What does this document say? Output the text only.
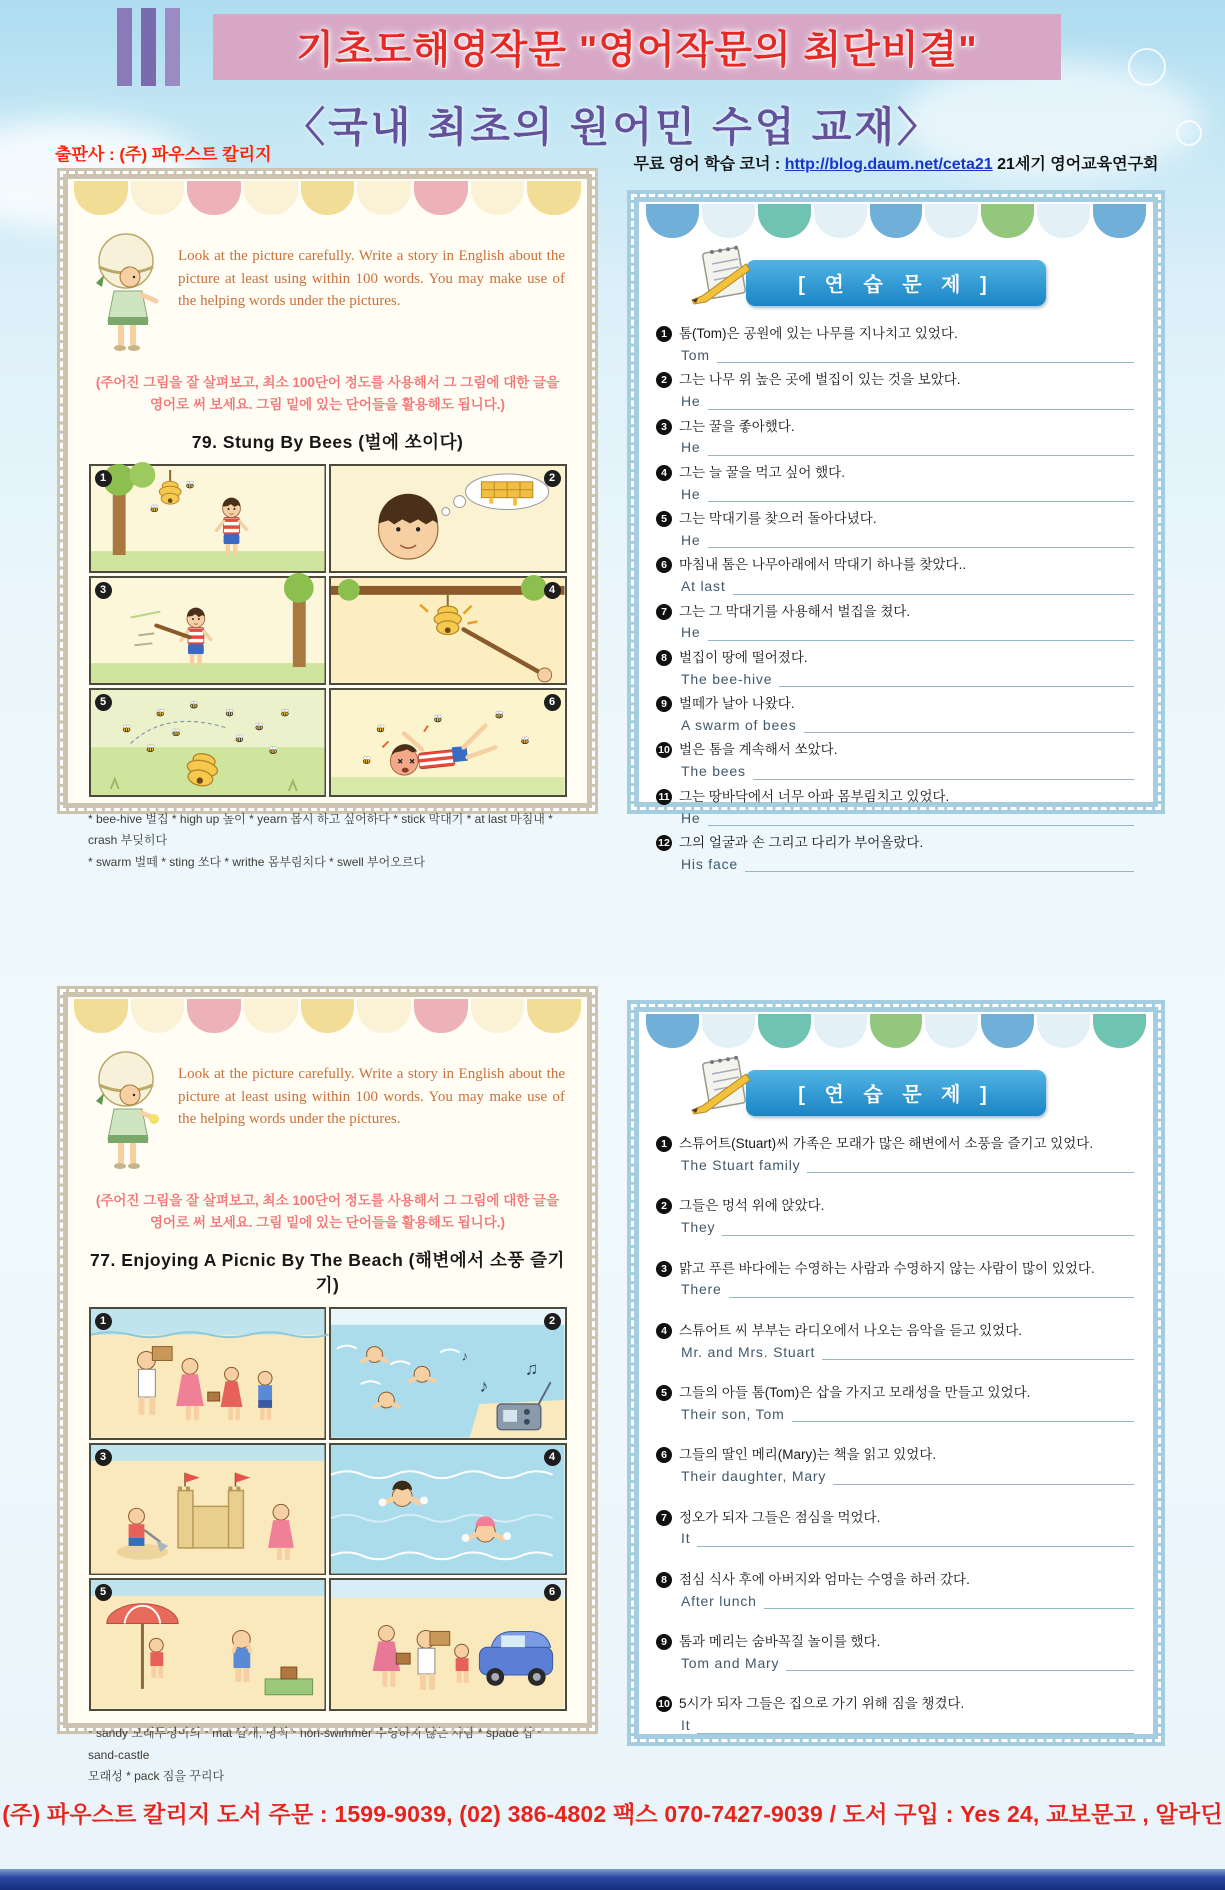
기초도해영작문 "영어작문의 최단비결"
〈국내 최초의 원어민 수업 교재〉
출판사 : (주) 파우스트 칼리지
무료 영어 학습 코너 : http://blog.daum.net/ceta21 21세기 영어교육연구회
Look at the picture carefully. Write a story in English about the picture at least using within 100 words. You may make use of the helping words under the pictures.
(주어진 그림을 잘 살펴보고, 최소 100단어 정도를 사용해서 그 그림에 대한 글을
영어로 써 보세요. 그림 밑에 있는 단어들을 활용해도 됩니다.)
79. Stung By Bees (벌에 쏘이다)
1	2
3	4
5	6
* bee-hive 벌집 * high up 높이 * yearn 몹시 하고 싶어하다 * stick 막대기 * at last 마침내 * crash 부딪히다
* swarm 벌떼 * sting 쏘다 * writhe 몸부림치다 * swell 부어오르다
[ 연 습 문 제 ]
1 톰(Tom)은 공원에 있는 나무를 지나치고 있었다.
Tom
2 그는 나무 위 높은 곳에 벌집이 있는 것을 보았다.
He
3 그는 꿀을 좋아했다.
He
4 그는 늘 꿀을 먹고 싶어 했다.
He
5 그는 막대기를 찾으러 돌아다녔다.
He
6 마침내 톰은 나무아래에서 막대기 하나를 찾았다..
At last
7 그는 그 막대기를 사용해서 벌집을 쳤다.
He
8 벌집이 땅에 떨어졌다.
The bee-hive
9 벌떼가 날아 나왔다.
A swarm of bees
10 벌은 톰을 계속해서 쏘았다.
The bees
11 그는 땅바닥에서 너무 아파 몸부림치고 있었다.
He
12 그의 얼굴과 손 그리고 다리가 부어올랐다.
His face
Look at the picture carefully. Write a story in English about the picture at least using within 100 words. You may make use of the helping words under the pictures.
(주어진 그림을 잘 살펴보고, 최소 100단어 정도를 사용해서 그 그림에 대한 글을
영어로 써 보세요. 그림 밑에 있는 단어들을 활용해도 됩니다.)
77. Enjoying A Picnic By The Beach (해변에서 소풍 즐기기)
1
♪
♫
♪
2
3	4
5	6
* sandy 모래투성이의 * mat 깔개, 멍석 * non-swimmer 수영하지 않는 사람 * spade 삽 * sand-castle
모래성 * pack 짐을 꾸리다
[ 연 습 문 제 ]
1 스튜어트(Stuart)씨 가족은 모래가 많은 해변에서 소풍을 즐기고 있었다.
The Stuart family
2 그들은 멍석 위에 앉았다.
They
3 맑고 푸른 바다에는 수영하는 사람과 수영하지 않는 사람이 많이 있었다.
There
4 스튜어트 씨 부부는 라디오에서 나오는 음악을 듣고 있었다.
Mr. and Mrs. Stuart
5 그들의 아들 톰(Tom)은 삽을 가지고 모래성을 만들고 있었다.
Their son, Tom
6 그들의 딸인 메리(Mary)는 책을 읽고 있었다.
Their daughter, Mary
7 정오가 되자 그들은 점심을 먹었다.
It
8 점심 식사 후에 아버지와 엄마는 수영을 하러 갔다.
After lunch
9 톰과 메리는 숨바꼭질 놀이를 했다.
Tom and Mary
10 5시가 되자 그들은 집으로 가기 위해 짐을 챙겼다.
It
(주) 파우스트 칼리지 도서 주문 : 1599-9039, (02) 386-4802 팩스 070-7427-9039 / 도서 구입 : Yes 24, 교보문고 , 알라딘
